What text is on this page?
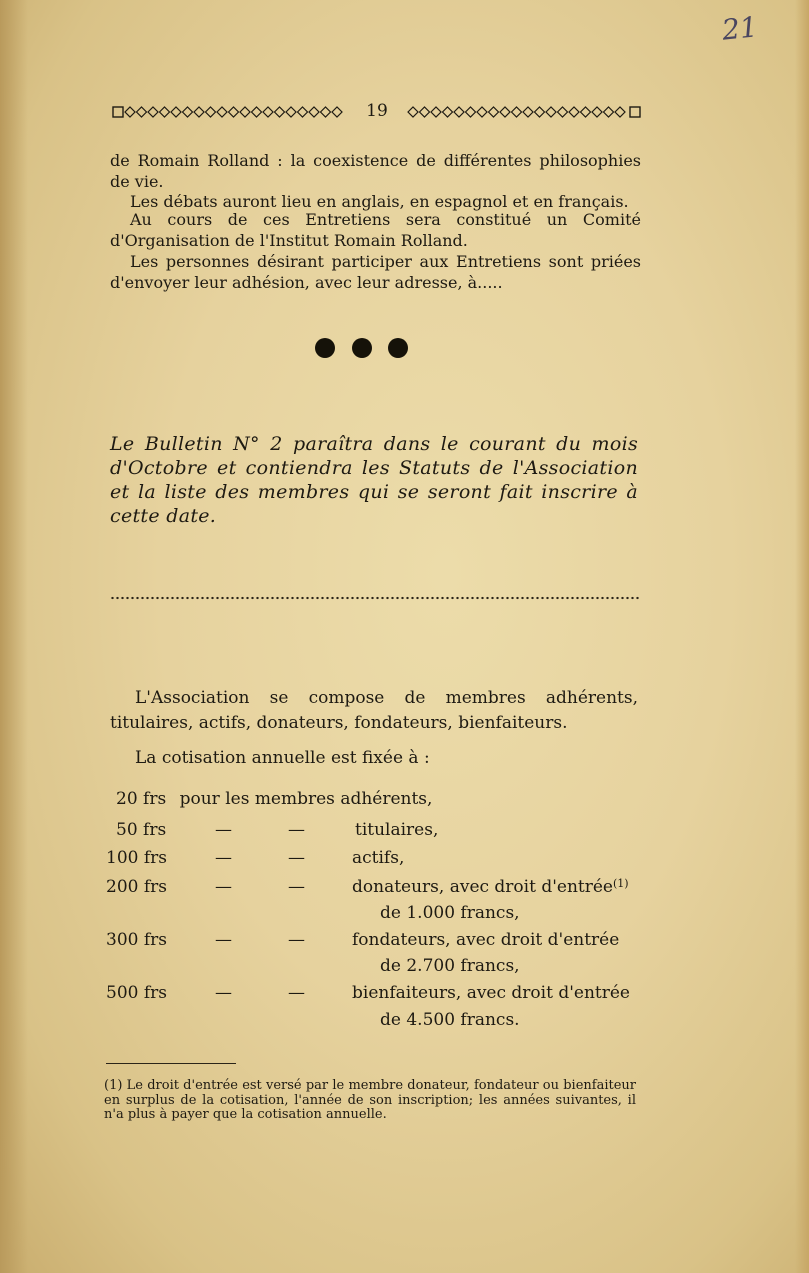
21
19
de Romain Rolland : la coexistence de différentes philosophies de vie.
Les débats auront lieu en anglais, en espagnol et en français.
Au cours de ces Entretiens sera constitué un Comité d'Organisation de l'Institut Romain Rolland.
Les personnes désirant participer aux Entretiens sont priées d'envoyer leur adhésion, avec leur adresse, à.....
Le Bulletin N° 2 paraîtra dans le courant du mois d'Octobre et contiendra les Statuts de l'Association et la liste des membres qui se seront fait inscrire à cette date.
L'Association se compose de membres adhérents, titulaires, actifs, donateurs, fondateurs, bienfaiteurs.
La cotisation annuelle est fixée à :
20 frs pour les membres adhérents,
50 frs	—	—	titulaires,
100 frs	—	—	actifs,
200 frs	—	—	donateurs, avec droit d'entrée$^{(1)}$
de 1.000 francs,
300 frs	—	—	fondateurs, avec droit d'entrée
de 2.700 francs,
500 frs	—	—	bienfaiteurs, avec droit d'entrée
de 4.500 francs.
(1) Le droit d'entrée est versé par le membre donateur, fondateur ou bienfaiteur en surplus de la cotisation, l'année de son inscription; les années suivantes, il n'a plus à payer que la cotisation annuelle.
